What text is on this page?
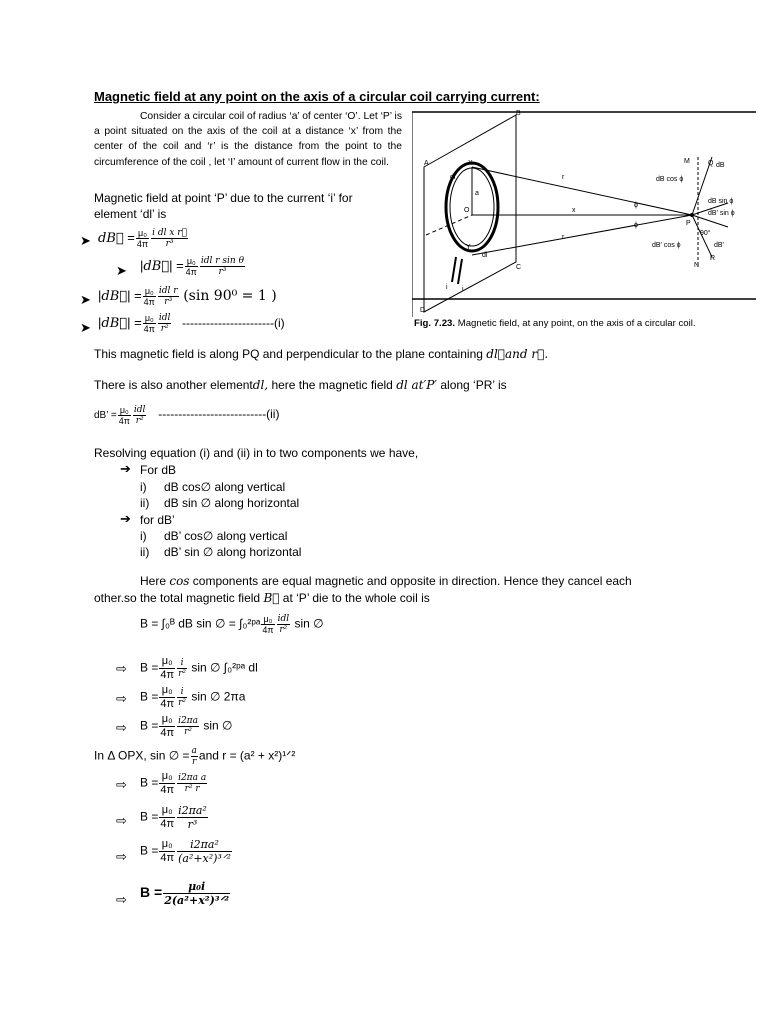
Magnetic field at any point on the axis of a circular coil carrying current:
Consider a circular coil of radius ‘a’ of center ‘O’. Let ‘P’ is a point situated on the axis of the coil at a distance ‘x’ from the center of the coil and ‘r’ is the distance from the point to the circumference of the coil , let ‘I’ amount of current flow in the coil.
Magnetic field at point ‘P’ due to the current ‘i’ for
element ‘dl’ is
➤ dB⃗ = $\frac{\text{μ₀}}{4\pi} \frac{\text{i dl x r⃗}}{\text{r³}}$
➤ |dB⃗| = $\frac{\text{μ₀}}{4\pi} \frac{\text{idl r sin θ}}{\text{r³}}$
➤ |dB⃗| = $\frac{\text{μ₀}}{4\pi} \frac{\text{idl r}}{\text{r³}} (\sin$ 90⁰ = 1 )
➤ |dB⃗| = $\frac{\text{μ₀}}{4\pi} \frac{\text{idl}}{\text{r²}} -----------------------(i)$
B
A
C
D
M	Q dB
dB cos ϕ
dB sin ϕ
dB′ sin ϕ
dB′ cos ϕ	dB′
N
R
P
O
a
x
r
r
dl
dl
ϕ
ϕ
X
Y
i i
90°
Fig. 7.23. Magnetic field, at any point, on the axis of a circular coil.
This magnetic field is along PQ and perpendicular to the plane containing dl⃗and r⃗.
There is also another elementdl, here the magnetic field dl at′P′ along ‘PR’ is
dB’ = $\frac{\text{μ₀}}{4\pi} \frac{\text{idl}}{\text{r²}} ---------------------------(ii)$
Resolving equation (i) and (ii) in to two components we have,
➔ For dB
i) dB cos∅ along vertical
ii) dB sin ∅ along horizontal
➔ for dB’
i) dB’ cos∅ along vertical
ii) dB’ sin ∅ along horizontal
Here cos components are equal magnetic and opposite in direction. Hence they cancel each
other.so the total magnetic field B⃗ at ‘P’ die to the whole coil is
B = ∫₀ᴮ dB sin ∅ = ∫₀²ᵖᵃ $\frac{\text{μ₀}}{4\pi} \frac{\text{idl}}{\text{r²}}$ sin ∅
⇨ $B = \frac{\text{μ₀}}{4\pi} \frac{i}{\text{r²}}$ sin ∅ ∫₀²ᵖᵃ dl
⇨ $B = \frac{\text{μ₀}}{4\pi} \frac{i}{\text{r²}}$ sin ∅ 2πa
⇨ $B = \frac{\text{μ₀}}{4\pi} \frac{i2\pi a}{\text{r²}}$ sin ∅
In Δ OPX, sin ∅ = $\frac{a}{r}$ and r = (a² + x²)¹ᐟ²
⇨ $B = \frac{\text{μ₀}}{4\pi} \frac{\text{i2πa a}}{\text{r² r}}$
⇨ $B = \frac{\text{μ₀}}{4\pi} \frac{\text{i2πa²}}{\text{r³}}$
⇨ $B = \frac{\text{μ₀}}{4\pi} \frac{\text{i2πa²}}{\text{(a²+x²)³ᐟ²}}$
⇨ $B = \frac{\text{μ₀i}}{\text{2(a²+x²)³ᐟ²}}$
